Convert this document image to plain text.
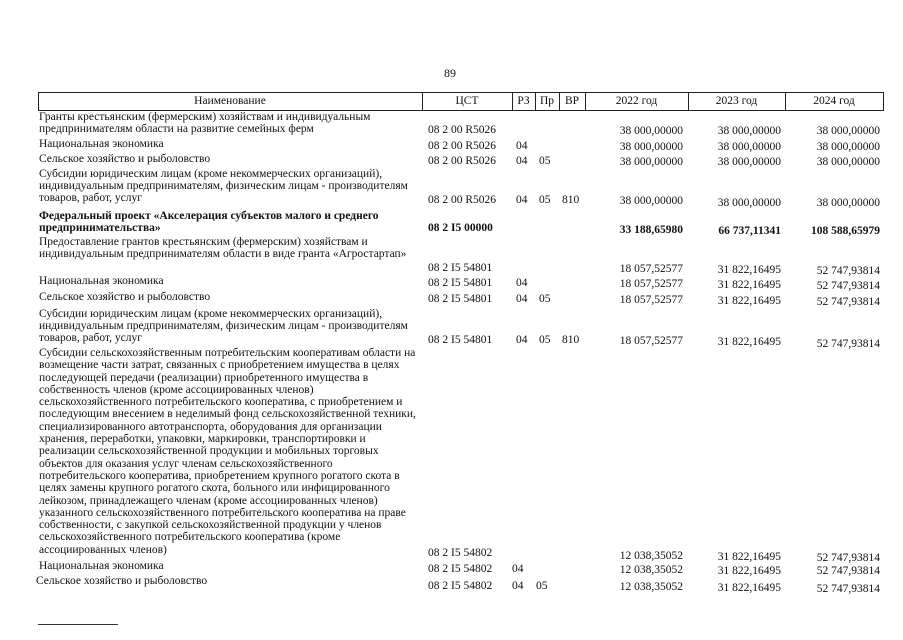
89
Наименование	ЦСТ	РЗ Пр ВР	2022 год	2023 год	2024 год
Гранты крестьянским (фермерским) хозяйствам и индивидуальным предпринимателям области на развитие семейных ферм	08 2 00 R5026	38 000,00000	38 000,00000	38 000,00000
Национальная экономика	08 2 00 R5026 04	38 000,00000	38 000,00000	38 000,00000
Сельское хозяйство и рыболовство	08 2 00 R5026 04 05	38 000,00000	38 000,00000	38 000,00000
Субсидии юридическим лицам (кроме некоммерческих организаций), индивидуальным предпринимателям, физическим лицам - производителям товаров, работ, услуг	08 2 00 R5026 04 05 810	38 000,00000	38 000,00000	38 000,00000
Федеральный проект «Акселерация субъектов малого и среднего предпринимательства»	08 2 I5 00000	33 188,65980	66 737,11341	108 588,65979
Предоставление грантов крестьянским (фермерским) хозяйствам и индивидуальным предпринимателям области в виде гранта «Агростартап»
08 2 I5 54801	18 057,52577	31 822,16495	52 747,93814
Национальная экономика	08 2 I5 54801 04	18 057,52577	31 822,16495	52 747,93814
Сельское хозяйство и рыболовство	08 2 I5 54801 04 05	18 057,52577	31 822,16495	52 747,93814
Субсидии юридическим лицам (кроме некоммерческих организаций), индивидуальным предпринимателям, физическим лицам - производителям товаров, работ, услуг	08 2 I5 54801 04 05 810	18 057,52577	31 822,16495	52 747,93814
Субсидии сельскохозяйственным потребительским кооперативам области на возмещение части затрат, связанных с приобретением имущества в целях последующей передачи (реализации) приобретенного имущества в собственность членов (кроме ассоциированных членов) сельскохозяйственного потребительского кооператива, с приобретением и последующим внесением в неделимый фонд сельскохозяйственной техники, специализированного автотранспорта, оборудования для организации хранения, переработки, упаковки, маркировки, транспортировки и реализации сельскохозяйственной продукции и мобильных торговых объектов для оказания услуг членам сельскохозяйственного потребительского кооператива, приобретением крупного рогатого скота в целях замены крупного рогатого скота, больного или инфицированного лейкозом, принадлежащего членам (кроме ассоциированных членов) указанного сельскохозяйственного потребительского кооператива на праве собственности, с закупкой сельскохозяйственной продукции у членов сельскохозяйственного потребительского кооператива (кроме ассоциированных членов)	08 2 I5 54802	12 038,35052	31 822,16495	52 747,93814
Национальная экономика	08 2 I5 54802 04	12 038,35052	31 822,16495	52 747,93814
Сельское хозяйство и рыболовство	08 2 I5 54802 04 05	12 038,35052	31 822,16495	52 747,93814
